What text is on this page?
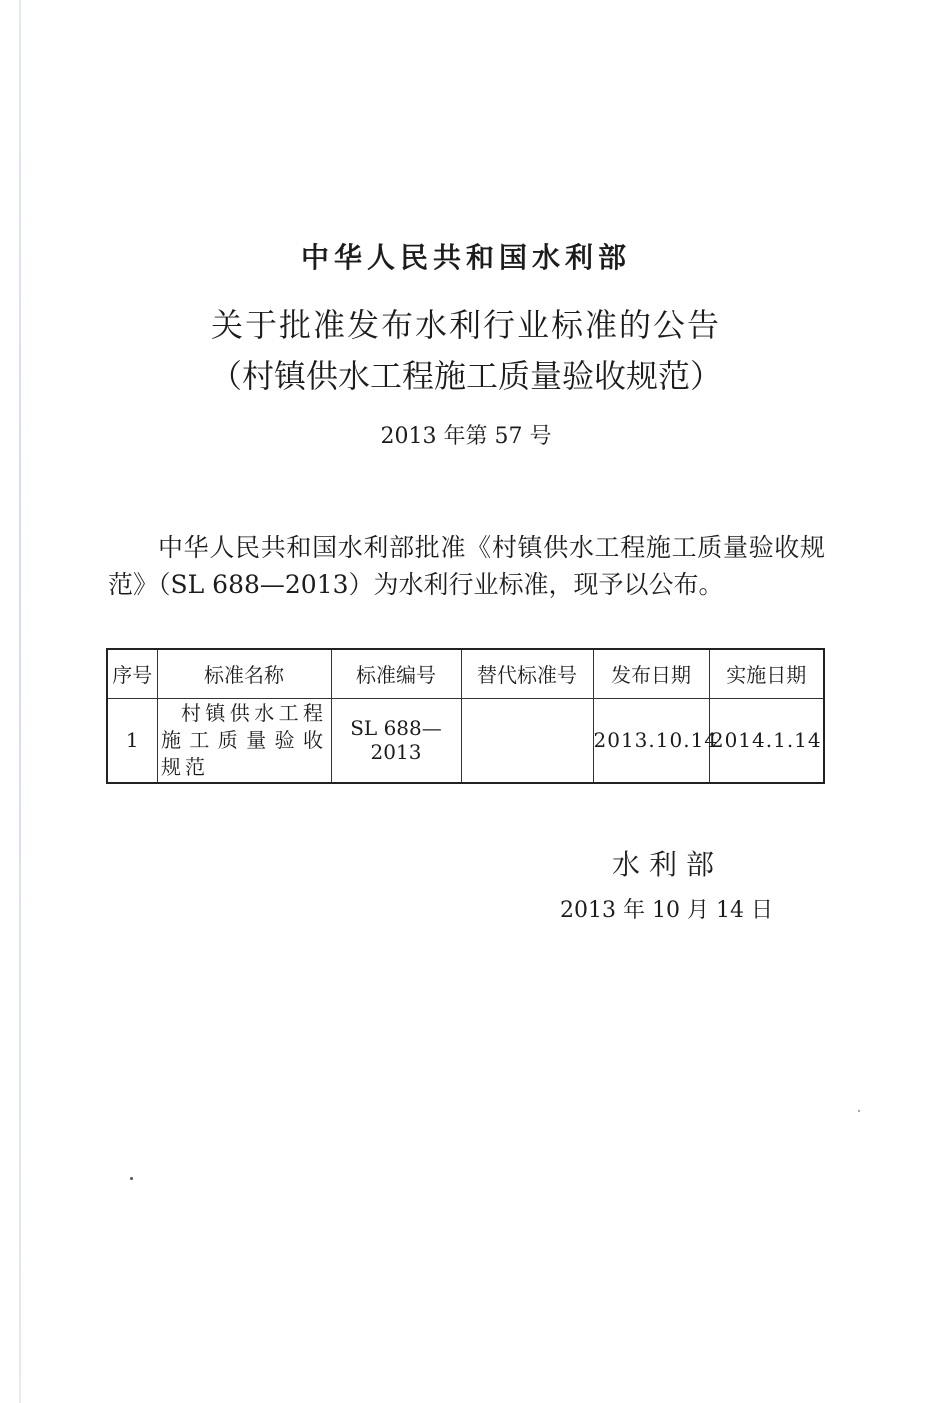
中华人民共和国水利部
关于批准发布水利行业标准的公告
（村镇供水工程施工质量验收规范）
2013 年第 57 号

中华人民共和国水利部批准《村镇供水工程施工质量验收规范》（SL 688—2013）为水利行业标准，现予以公布。

序号	标准名称	标准编号	替代标准号	发布日期	实施日期
1	村镇供水工程施工质量验收规范	SL 688—2013		2013.10.14	2014.1.14
水利部
2013 年 10 月 14 日
